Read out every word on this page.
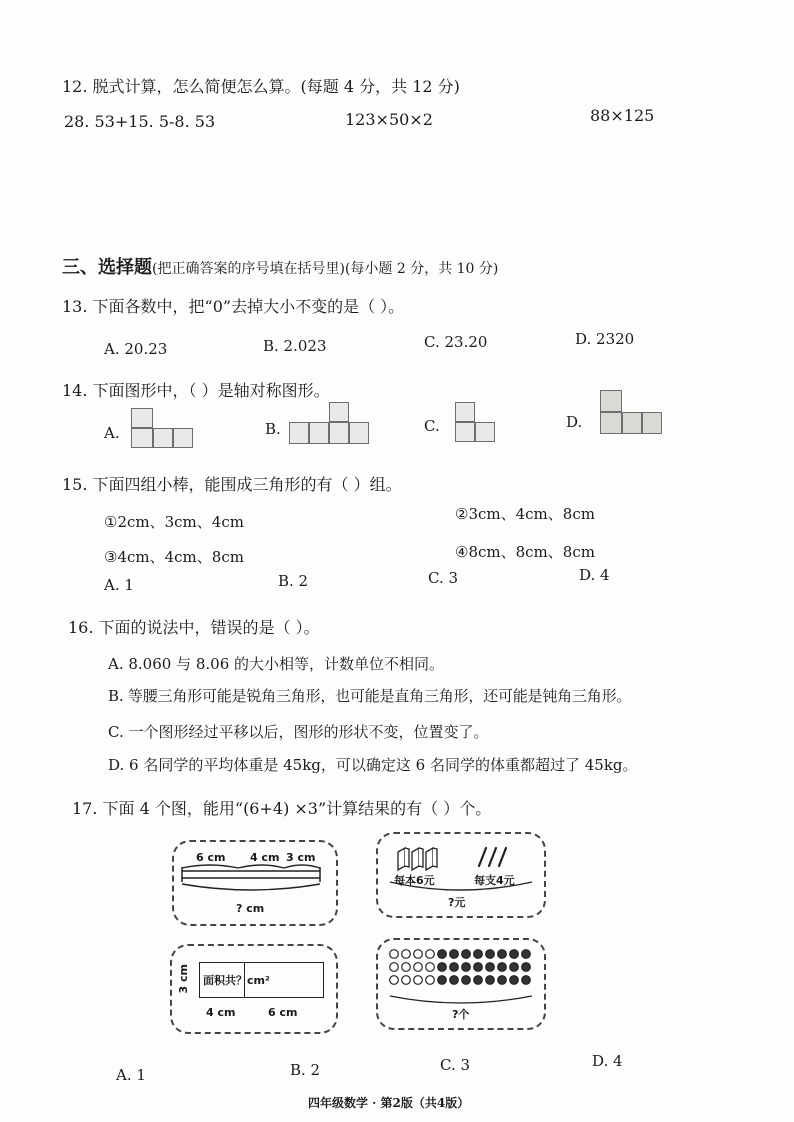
12. 脱式计算，怎么简便怎么算。(每题 4 分，共 12 分)
28. 53+15. 5-8. 53	123×50×2	88×125
三、选择题(把正确答案的序号填在括号里)(每小题 2 分，共 10 分)
13. 下面各数中，把“0”去掉大小不变的是（ ）。
A. 20.23	B. 2.023	C. 23.20	D. 2320
14. 下面图形中，（ ）是轴对称图形。
A.	B.	C.	D.
15. 下面四组小棒，能围成三角形的有（ ）组。
①2cm、3cm、4cm	②3cm、4cm、8cm
③4cm、4cm、8cm	④8cm、8cm、8cm
A. 1	B. 2	C. 3	D. 4
16. 下面的说法中，错误的是（ ）。
A. 8.060 与 8.06 的大小相等，计数单位不相同。
B. 等腰三角形可能是锐角三角形，也可能是直角三角形，还可能是钝角三角形。
C. 一个图形经过平移以后，图形的形状不变，位置变了。
D. 6 名同学的平均体重是 45kg，可以确定这 6 名同学的体重都超过了 45kg。
17. 下面 4 个图，能用“(6+4) ×3”计算结果的有（ ）个。
6 cm 4 cm 3 cm
? cm
每本6元	每支4元
?元
面积共？cm²
3 cm
4 cm	6 cm	?个
A. 1	B. 2	C. 3	D. 4
四年级数学 · 第2版（共4版）
